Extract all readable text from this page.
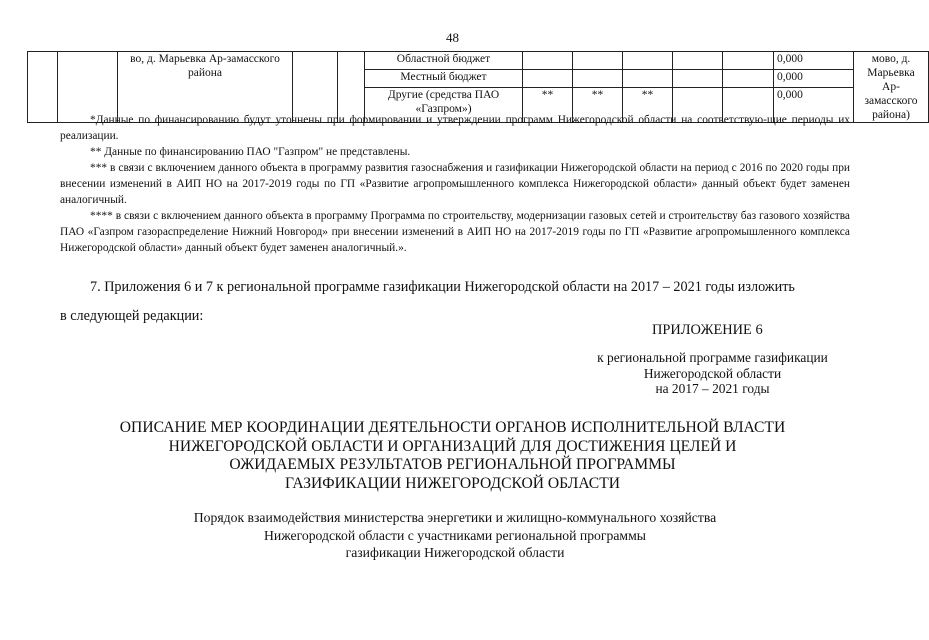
48
		во, д. Марьевка Ар-замасского района			Областной бюджет						0,000	мово, д. Марьевка Ар-замасского района)
					Местный бюджет						0,000	
					Другие (средства ПАО «Газпром»)	**	**	**			0,000	

*Данные по финансированию будут уточнены при формировании и утверждении программ Нижегородской области на соответствую-щие периоды их реализации.

** Данные по финансированию ПАО "Газпром" не представлены.

*** в связи с включением данного объекта в программу развития газоснабжения и газификации Нижегородской области на период с 2016 по 2020 годы при внесении изменений в АИП НО на 2017-2019 годы по ГП «Развитие агропромышленного комплекса Нижегородской области» данный объект будет заменен аналогичный.

**** в связи с включением данного объекта в программу Программа по строительству, модернизации газовых сетей и строительству баз газового хозяйства ПАО «Газпром газораспределение Нижний Новгород» при внесении изменений в АИП НО на 2017-2019 годы по ГП «Развитие агропромышленного комплекса Нижегородской области» данный объект будет заменен аналогичный.».

7. Приложения 6 и 7 к региональной программе газификации Нижегородской области на 2017 – 2021 годы изложить

в следующей редакции:

ПРИЛОЖЕНИЕ 6
к региональной программе газификации
Нижегородской области
на 2017 – 2021 годы
ОПИСАНИЕ МЕР КООРДИНАЦИИ ДЕЯТЕЛЬНОСТИ ОРГАНОВ ИСПОЛНИТЕЛЬНОЙ ВЛАСТИ
НИЖЕГОРОДСКОЙ ОБЛАСТИ И ОРГАНИЗАЦИЙ ДЛЯ ДОСТИЖЕНИЯ ЦЕЛЕЙ И
ОЖИДАЕМЫХ РЕЗУЛЬТАТОВ РЕГИОНАЛЬНОЙ ПРОГРАММЫ
ГАЗИФИКАЦИИ НИЖЕГОРОДСКОЙ ОБЛАСТИ
Порядок взаимодействия министерства энергетики и жилищно-коммунального хозяйства
Нижегородской области с участниками региональной программы
газификации Нижегородской области
